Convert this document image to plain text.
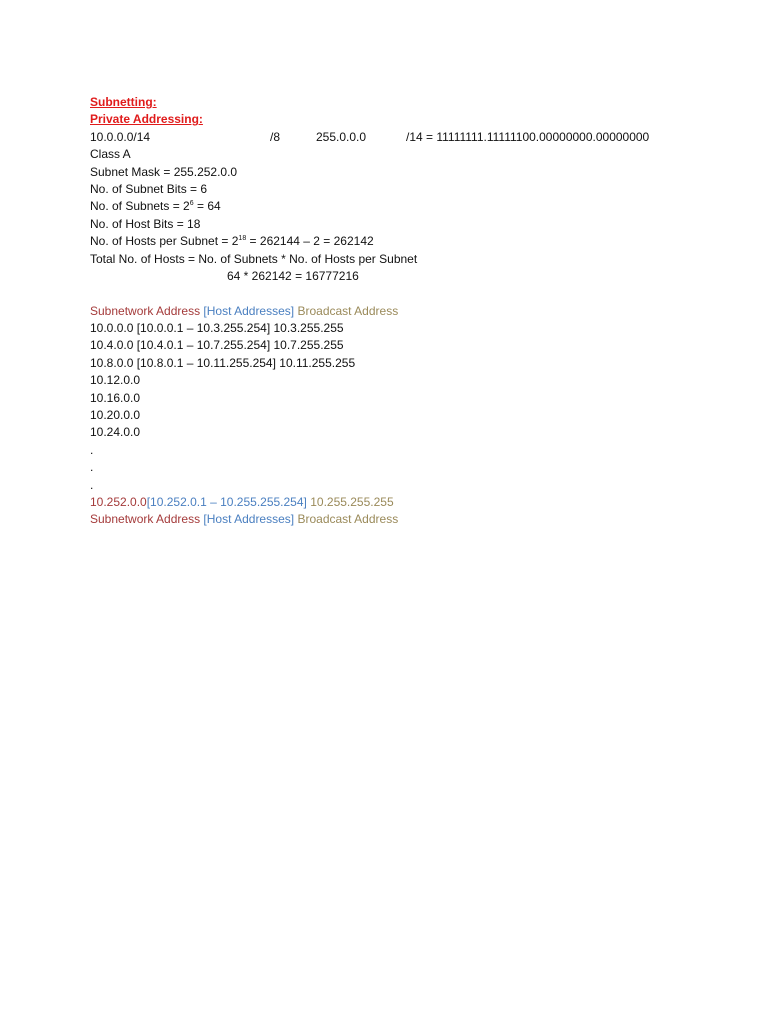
Subnetting:
Private Addressing:
10.0.0.0/14	/8	255.0.0.0	/14 = 11111111.11111100.00000000.00000000
Class A
Subnet Mask = 255.252.0.0
No. of Subnet Bits = 6
No. of Subnets = $2^6 = 64$
No. of Host Bits = 18
No. of Hosts per Subnet = $2^{18} = 262144 - 2 = 262142$
Total No. of Hosts = No. of Subnets * No. of Hosts per Subnet
64 * 262142 = 16777216
Subnetwork Address [Host Addresses] Broadcast Address
10.0.0.0 [10.0.0.1 – 10.3.255.254] 10.3.255.255
10.4.0.0 [10.4.0.1 – 10.7.255.254] 10.7.255.255
10.8.0.0 [10.8.0.1 – 10.11.255.254] 10.11.255.255
10.12.0.0
10.16.0.0
10.20.0.0
10.24.0.0
.
.
.
10.252.0.0[10.252.0.1 – 10.255.255.254] 10.255.255.255
Subnetwork Address [Host Addresses] Broadcast Address
